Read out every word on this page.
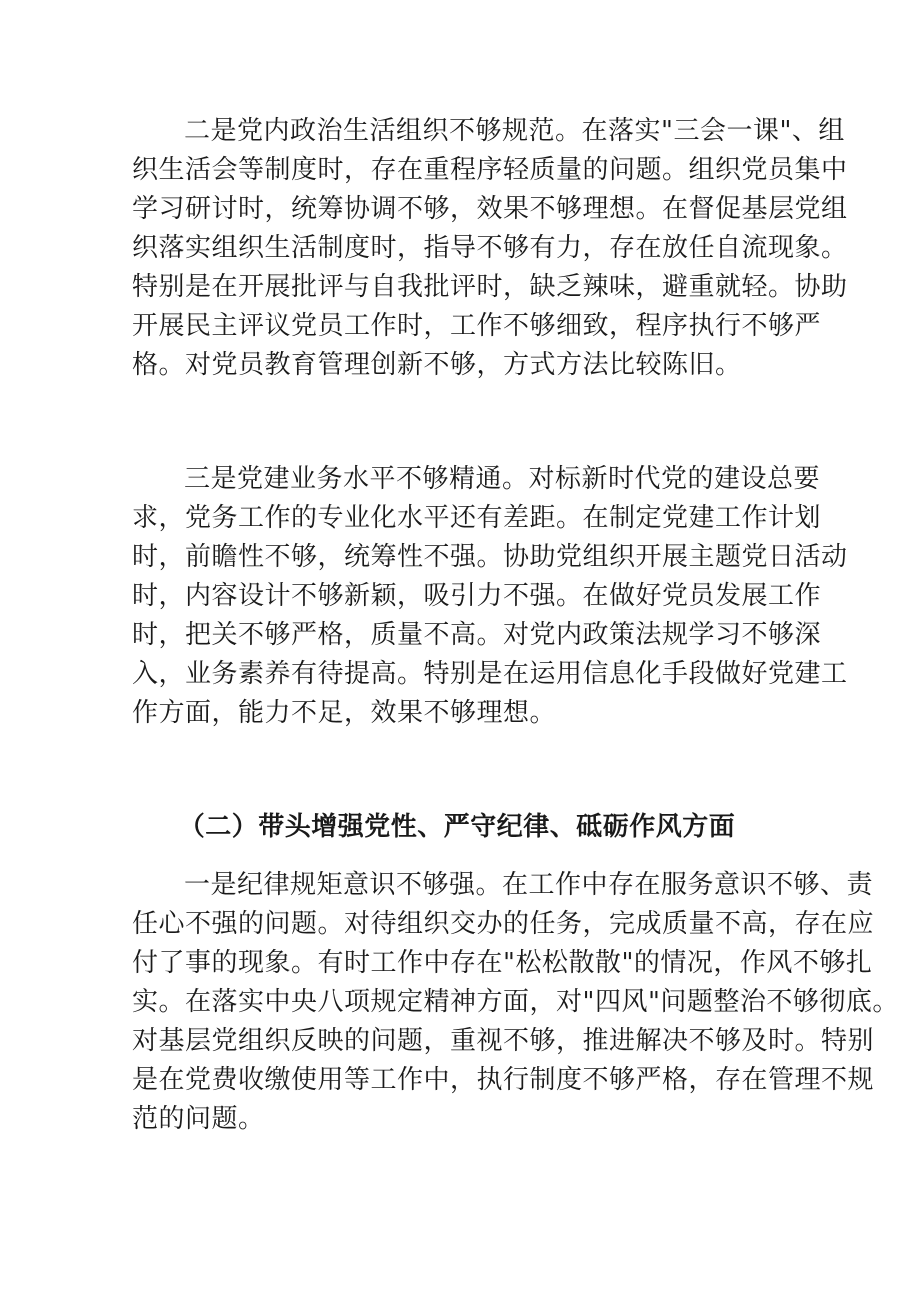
二是党内政治生活组织不够规范。在落实"三会一课"、组
织生活会等制度时，存在重程序轻质量的问题。组织党员集中
学习研讨时，统筹协调不够，效果不够理想。在督促基层党组
织落实组织生活制度时，指导不够有力，存在放任自流现象。
特别是在开展批评与自我批评时，缺乏辣味，避重就轻。协助
开展民主评议党员工作时，工作不够细致，程序执行不够严
格。对党员教育管理创新不够，方式方法比较陈旧。
三是党建业务水平不够精通。对标新时代党的建设总要
求，党务工作的专业化水平还有差距。在制定党建工作计划
时，前瞻性不够，统筹性不强。协助党组织开展主题党日活动
时，内容设计不够新颖，吸引力不强。在做好党员发展工作
时，把关不够严格，质量不高。对党内政策法规学习不够深
入，业务素养有待提高。特别是在运用信息化手段做好党建工
作方面，能力不足，效果不够理想。
（二）带头增强党性、严守纪律、砥砺作风方面
一是纪律规矩意识不够强。在工作中存在服务意识不够、责
任心不强的问题。对待组织交办的任务，完成质量不高，存在应
付了事的现象。有时工作中存在"松松散散"的情况，作风不够扎
实。在落实中央八项规定精神方面，对"四风"问题整治不够彻底。
对基层党组织反映的问题，重视不够，推进解决不够及时。特别
是在党费收缴使用等工作中，执行制度不够严格，存在管理不规
范的问题。
